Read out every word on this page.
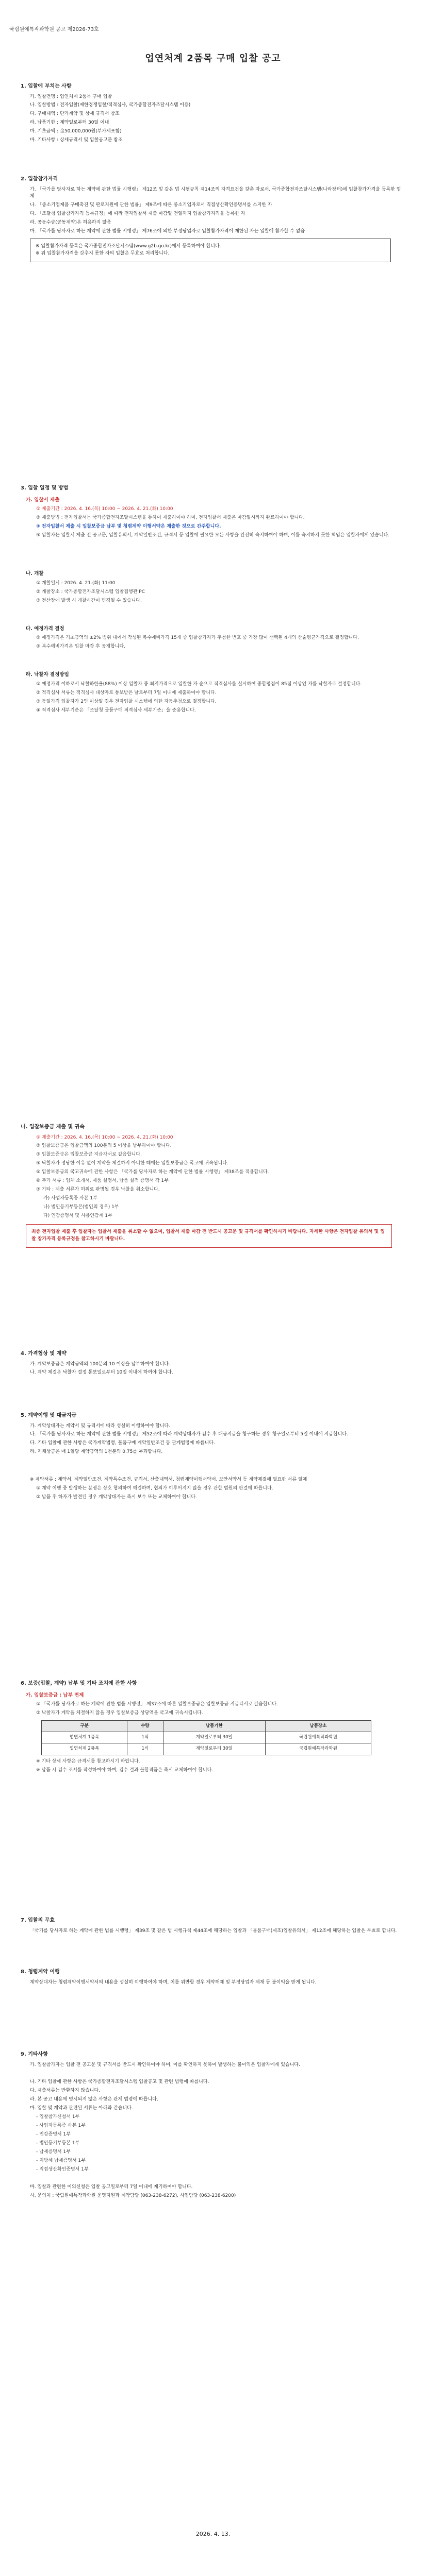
국립원예특작과학원 공고 제2026-73호
업연처계 2품목 구매 입찰 공고
1. 입찰에 부치는 사항
가. 입찰건명 : 업연처계 2품목 구매 입찰
나. 입찰방법 : 전자입찰(제한경쟁입찰/적격심사, 국가종합전자조달시스템 이용)
다. 구매내역 : 단가계약 및 상세 규격서 참조
라. 납품기한 : 계약일로부터 30일 이내
마. 기초금액 : 金50,000,000원(부가세포함)
바. 기타사항 : 상세규격서 및 입찰공고문 참조
2. 입찰참가자격
가. 「국가를 당사자로 하는 계약에 관한 법률 시행령」 제12조 및 같은 법 시행규칙 제14조의 자격요건을 갖춘 자로서, 국가종합전자조달시스템(나라장터)에 입찰참가자격을 등록한 업체
나. 「중소기업제품 구매촉진 및 판로지원에 관한 법률」 제9조에 따른 중소기업자로서 직접생산확인증명서를 소지한 자
다. 「조달청 입찰참가자격 등록규정」에 따라 전자입찰서 제출 마감일 전일까지 입찰참가자격을 등록한 자
라. 공동수급(공동계약)은 허용하지 않음
마. 「국가를 당사자로 하는 계약에 관한 법률 시행령」 제76조에 의한 부정당업자로 입찰참가자격이 제한된 자는 입찰에 참가할 수 없음
※ 입찰참가자격 등록은 국가종합전자조달시스템(www.g2b.go.kr)에서 등록하여야 합니다.
※ 위 입찰참가자격을 갖추지 못한 자의 입찰은 무효로 처리합니다.
3. 입찰 일정 및 방법
가. 입찰서 제출
① 제출기간 : 2026. 4. 16.(목) 10:00 ~ 2026. 4. 21.(화) 10:00
② 제출방법 : 전자입찰서는 국가종합전자조달시스템을 통하여 제출하여야 하며, 전자입찰서 제출은 마감일시까지 완료하여야 합니다.
③ 전자입찰서 제출 시 입찰보증금 납부 및 청렴계약 이행서약은 제출한 것으로 간주합니다.
④ 입찰자는 입찰서 제출 전 공고문, 입찰유의서, 계약일반조건, 규격서 등 입찰에 필요한 모든 사항을 완전히 숙지하여야 하며, 이를 숙지하지 못한 책임은 입찰자에게 있습니다.
나. 개찰
① 개찰일시 : 2026. 4. 21.(화) 11:00
② 개찰장소 : 국가종합전자조달시스템 입찰집행관 PC
③ 전산장애 발생 시 개찰시간이 변경될 수 있습니다.
다. 예정가격 결정
① 예정가격은 기초금액의 ±2% 범위 내에서 작성된 복수예비가격 15개 중 입찰참가자가 추첨한 번호 중 가장 많이 선택된 4개의 산술평균가격으로 결정합니다.
② 복수예비가격은 입찰 마감 후 공개합니다.
라. 낙찰자 결정방법
① 예정가격 이하로서 낙찰하한율(88%) 이상 입찰자 중 최저가격으로 입찰한 자 순으로 적격심사를 실시하여 종합평점이 85점 이상인 자를 낙찰자로 결정합니다.
② 적격심사 서류는 적격심사 대상자로 통보받은 날로부터 7일 이내에 제출하여야 합니다.
③ 동일가격 입찰자가 2인 이상일 경우 전자입찰 시스템에 의한 자동추첨으로 결정합니다.
④ 적격심사 세부기준은 「조달청 물품구매 적격심사 세부기준」을 준용합니다.
나. 입찰보증금 제출 및 귀속
① 제출기간 : 2026. 4. 16.(목) 10:00 ~ 2026. 4. 21.(화) 10:00
② 입찰보증금은 입찰금액의 100분의 5 이상을 납부하여야 합니다.
③ 입찰보증금은 입찰보증금 지급각서로 갈음합니다.
④ 낙찰자가 정당한 이유 없이 계약을 체결하지 아니한 때에는 입찰보증금은 국고에 귀속됩니다.
⑤ 입찰보증금의 국고귀속에 관한 사항은 「국가를 당사자로 하는 계약에 관한 법률 시행령」 제38조를 적용합니다.
⑥ 추가 서류 : 업체 소개서, 제품 설명서, 납품 실적 증명서 각 1부
⑦ 기타 : 제출 서류가 허위로 판명될 경우 낙찰을 취소합니다.
가) 사업자등록증 사본 1부
나) 법인등기부등본(법인의 경우) 1부
다) 인감증명서 및 사용인감계 1부
최종 전자입찰 제출 후 입찰자는 입찰서 제출을 취소할 수 없으며, 입찰서 제출 마감 전 반드시 공고문 및 규격서를 확인하시기 바랍니다. 자세한 사항은 전자입찰 유의서 및 입찰 참가자격 등록규정을 참고하시기 바랍니다.
4. 가격협상 및 계약
가. 계약보증금은 계약금액의 100분의 10 이상을 납부하여야 합니다.
나. 계약 체결은 낙찰자 결정 통보일로부터 10일 이내에 하여야 합니다.
5. 계약이행 및 대금지급
가. 계약상대자는 계약서 및 규격서에 따라 성실히 이행하여야 합니다.
나. 「국가를 당사자로 하는 계약에 관한 법률 시행령」 제52조에 따라 계약상대자가 검수 후 대금지급을 청구하는 경우 청구일로부터 5일 이내에 지급합니다.
다. 기타 입찰에 관한 사항은 국가계약법령, 물품구매 계약일반조건 등 관계법령에 따릅니다.
라. 지체상금은 매 1일당 계약금액의 1천분의 0.75를 부과합니다.
※ 계약서류 : 계약서, 계약일반조건, 계약특수조건, 규격서, 산출내역서, 청렴계약이행서약서, 보안서약서 등 계약체결에 필요한 서류 일체
① 계약 이행 중 발생하는 분쟁은 상호 협의하여 해결하며, 협의가 이루어지지 않을 경우 관할 법원의 판결에 따릅니다.
② 납품 후 하자가 발견된 경우 계약상대자는 즉시 보수 또는 교체하여야 합니다.
6. 보증(입찰, 계약) 납부 및 기타 조치에 관한 사항
가. 입찰보증금 : 납부 면제
① 「국가를 당사자로 하는 계약에 관한 법률 시행령」 제37조에 따른 입찰보증금은 입찰보증금 지급각서로 갈음합니다.
② 낙찰자가 계약을 체결하지 않을 경우 입찰보증금 상당액을 국고에 귀속시킵니다.
구분	수량	납품기한	납품장소
업연처계 1품목	1식	계약일로부터 30일	국립원예특작과학원
업연처계 2품목	1식	계약일로부터 30일	국립원예특작과학원
※ 기타 상세 사항은 규격서를 참고하시기 바랍니다.
※ 납품 시 검수 조서를 작성하여야 하며, 검수 결과 불합격품은 즉시 교체하여야 합니다.
7. 입찰의 무효
「국가를 당사자로 하는 계약에 관한 법률 시행령」 제39조 및 같은 법 시행규칙 제44조에 해당하는 입찰과 「물품구매(제조)입찰유의서」 제12조에 해당하는 입찰은 무효로 합니다.
8. 청렴계약 이행
계약상대자는 청렴계약이행서약서의 내용을 성실히 이행하여야 하며, 이를 위반할 경우 계약해제 및 부정당업자 제재 등 불이익을 받게 됩니다.
9. 기타사항
가. 입찰참가자는 입찰 전 공고문 및 규격서를 반드시 확인하여야 하며, 이를 확인하지 못하여 발생하는 불이익은 입찰자에게 있습니다.
나. 기타 입찰에 관한 사항은 국가종합전자조달시스템 입찰공고 및 관련 법령에 따릅니다.
다. 제출서류는 반환하지 않습니다.
라. 본 공고 내용에 명시되지 않은 사항은 관계 법령에 따릅니다.
마. 입찰 및 계약과 관련된 서류는 아래와 같습니다.
- 입찰참가신청서 1부
- 사업자등록증 사본 1부
- 인감증명서 1부
- 법인등기부등본 1부
- 납세증명서 1부
- 지방세 납세증명서 1부
- 직접생산확인증명서 1부
바. 입찰과 관련한 이의신청은 입찰 공고일로부터 7일 이내에 제기하여야 합니다.
사. 문의처 : 국립원예특작과학원 운영지원과 계약담당 (063-238-6272), 사업담당 (063-238-6200)
2026. 4. 13.
